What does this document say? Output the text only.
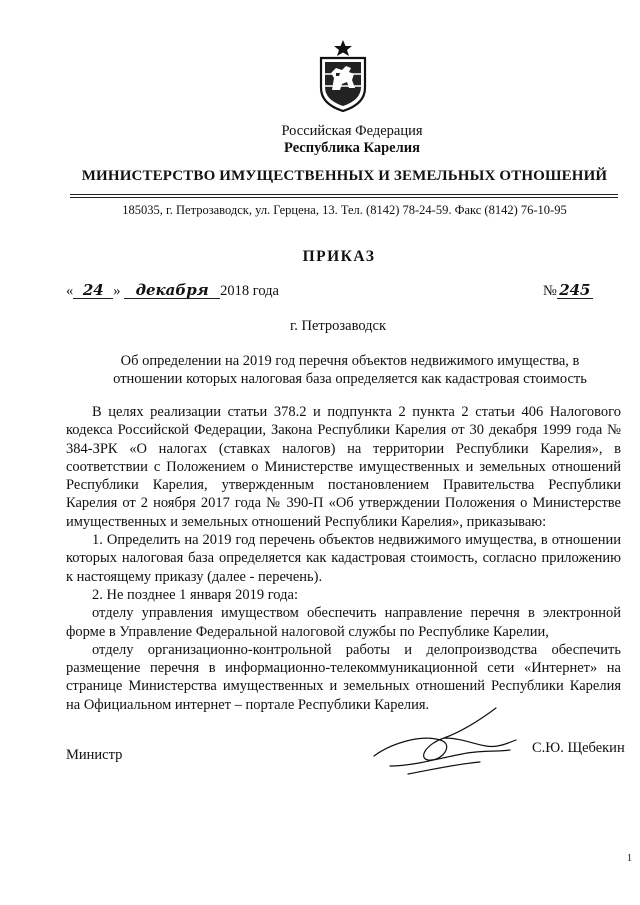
Российская Федерация
Республика Карелия
МИНИСТЕРСТВО ИМУЩЕСТВЕННЫХ И ЗЕМЕЛЬНЫХ ОТНОШЕНИЙ
185035, г. Петрозаводск, ул. Герцена, 13. Тел. (8142) 78-24-59. Факс (8142) 76-10-95
ПРИКАЗ
« 24 » декабря 2018 года	№ 245
г. Петрозаводск
Об определении на 2019 год перечня объектов недвижимого имущества, в
отношении которых налоговая база определяется как кадастровая стоимость

В целях реализации статьи 378.2 и подпункта 2 пункта 2 статьи 406 Налогового кодекса Российской Федерации, Закона Республики Карелия от 30 декабря 1999 года № 384-ЗРК «О налогах (ставках налогов) на территории Республики Карелия», в соответствии с Положением о Министерстве имущественных и земельных отношений Республики Карелия, утвержденным постановлением Правительства Республики Карелия от 2 ноября 2017 года № 390-П «Об утверждении Положения о Министерстве имущественных и земельных отношений Республики Карелия», приказываю:

1. Определить на 2019 год перечень объектов недвижимого имущества, в отношении которых налоговая база определяется как кадастровая стоимость, согласно приложению к настоящему приказу (далее - перечень).

2. Не позднее 1 января 2019 года:

отделу управления имуществом обеспечить направление перечня в электронной форме в Управление Федеральной налоговой службы по Республике Карелии,

отделу организационно-контрольной работы и делопроизводства обеспечить размещение перечня в информационно-телекоммуникационной сети «Интернет» на странице Министерства имущественных и земельных отношений Республики Карелия на Официальном интернет – портале Республики Карелия.

Министр	С.Ю. Щебекин
1
